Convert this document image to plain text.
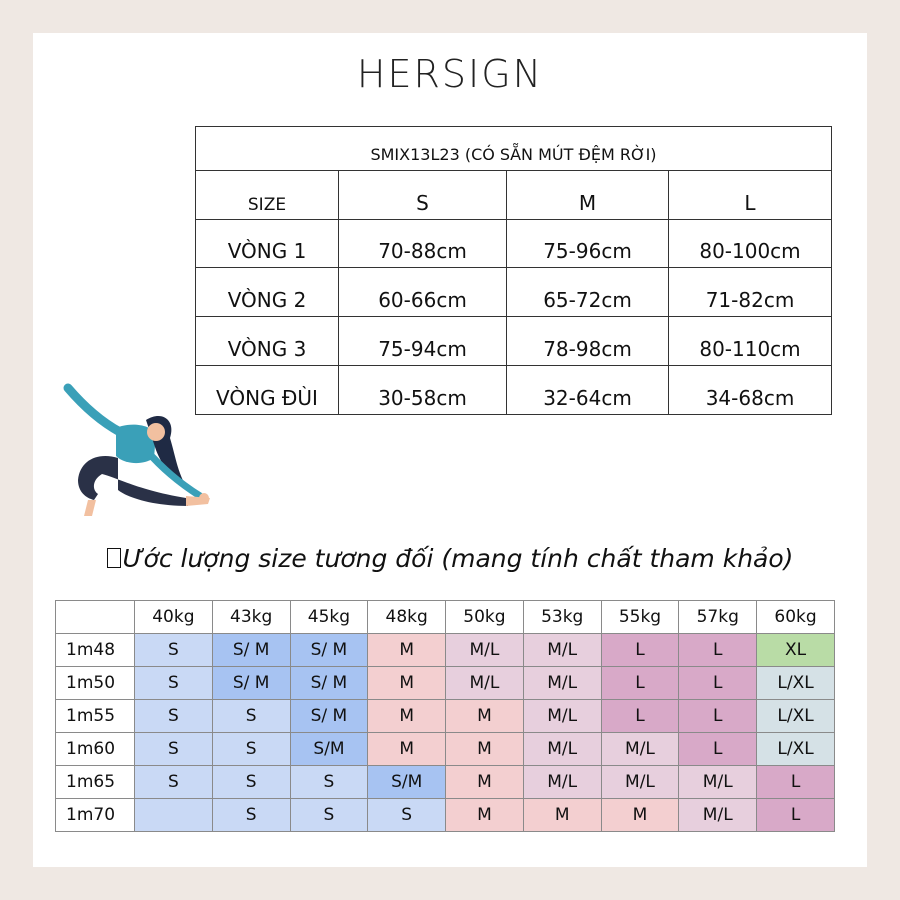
HERSIGN
SMIX13L23 (CÓ SẴN MÚT ĐỆM RỜI)			
SIZE	S	M	L
VÒNG 1	70-88cm	75-96cm	80-100cm
VÒNG 2	60-66cm	65-72cm	71-82cm
VÒNG 3	75-94cm	78-98cm	80-110cm
VÒNG ĐÙI	30-58cm	32-64cm	34-68cm
Ước lượng size tương đối (mang tính chất tham khảo)
	40kg	43kg	45kg	48kg	50kg	53kg	55kg	57kg	60kg
1m48	S	S/ M	S/ M	M	M/L	M/L	L	L	XL
1m50	S	S/ M	S/ M	M	M/L	M/L	L	L	L/XL
1m55	S	S	S/ M	M	M	M/L	L	L	L/XL
1m60	S	S	S/M	M	M	M/L	M/L	L	L/XL
1m65	S	S	S	S/M	M	M/L	M/L	M/L	L
1m70		S	S	S	M	M	M	M/L	L
